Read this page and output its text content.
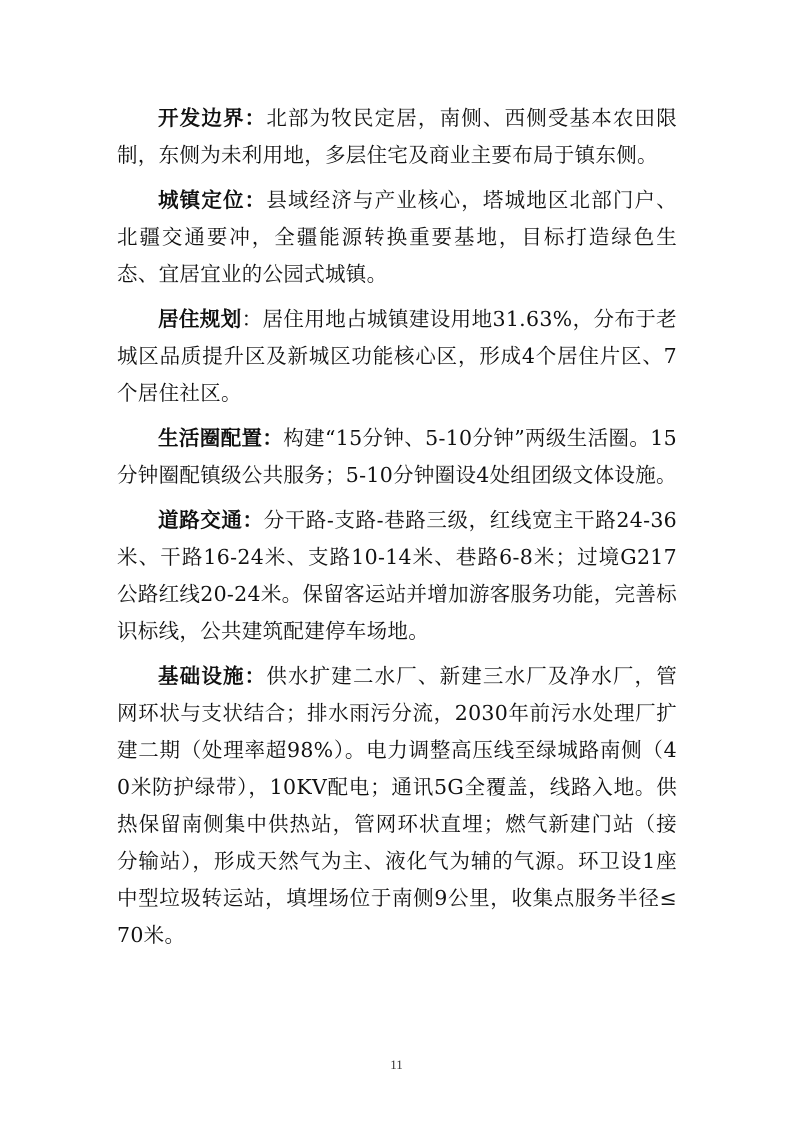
开发边界：北部为牧民定居，南侧、西侧受基本农田限制，东侧为未利用地，多层住宅及商业主要布局于镇东侧。

城镇定位：县域经济与产业核心，塔城地区北部门户、北疆交通要冲，全疆能源转换重要基地，目标打造绿色生态、宜居宜业的公园式城镇。

居住规划：居住用地占城镇建设用地31.63%，分布于老城区品质提升区及新城区功能核心区，形成4个居住片区、7个居住社区。

生活圈配置：构建“15分钟、5-10分钟”两级生活圈。15分钟圈配镇级公共服务；5-10分钟圈设4处组团级文体设施。

道路交通：分干路-支路-巷路三级，红线宽主干路24-36米、干路16-24米、支路10-14米、巷路6-8米；过境G217公路红线20-24米。保留客运站并增加游客服务功能，完善标识标线，公共建筑配建停车场地。

基础设施：供水扩建二水厂、新建三水厂及净水厂，管网环状与支状结合；排水雨污分流，2030年前污水处理厂扩建二期（处理率超98%）。电力调整高压线至绿城路南侧（40米防护绿带），10KV配电；通讯5G全覆盖，线路入地。供热保留南侧集中供热站，管网环状直埋；燃气新建门站（接分输站），形成天然气为主、液化气为辅的气源。环卫设1座中型垃圾转运站，填埋场位于南侧9公里，收集点服务半径≤70米。

11
